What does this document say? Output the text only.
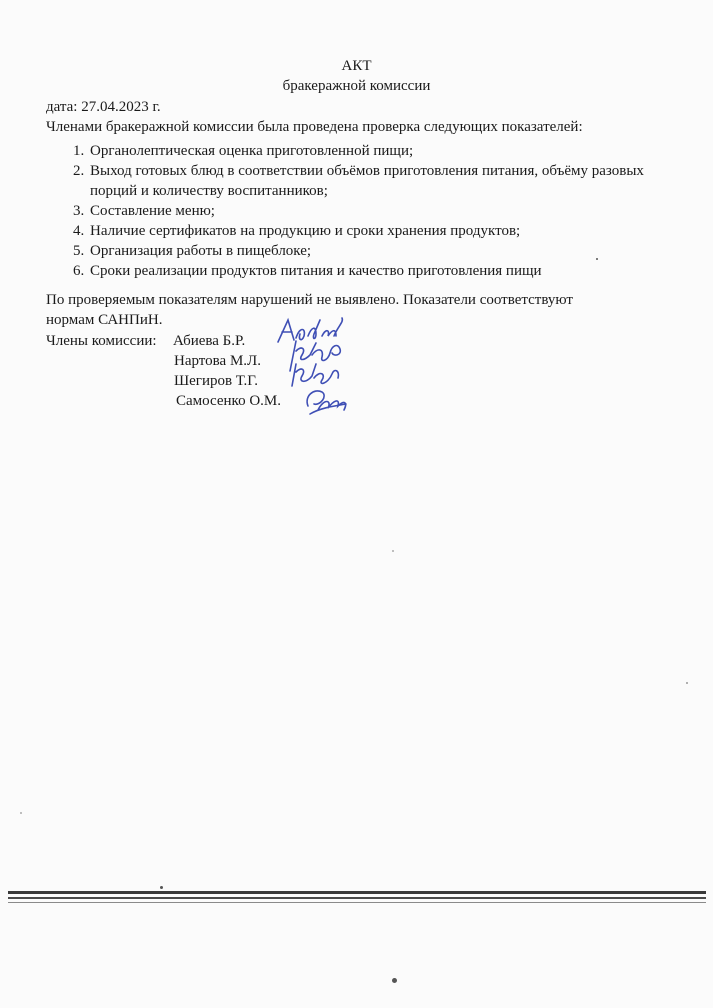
АКТ
бракеражной комиссии
дата: 27.04.2023 г.
Членами бракеражной комиссии была проведена проверка следующих показателей:
1. Органолептическая оценка приготовленной пищи;
2. Выход готовых блюд в соответствии объёмов приготовления питания, объёму разовых порций и количеству воспитанников;
3. Составление меню;
4. Наличие сертификатов на продукцию и сроки хранения продуктов;
5. Организация работы в пищеблоке;
6. Сроки реализации продуктов питания и качество приготовления пищи
По проверяемым показателям нарушений не выявлено. Показатели соответствуют
нормам САНПиН.
Члены комиссии: Абиева Б.Р.
Нартова М.Л.
Шегиров Т.Г.
Самосенко О.М.
